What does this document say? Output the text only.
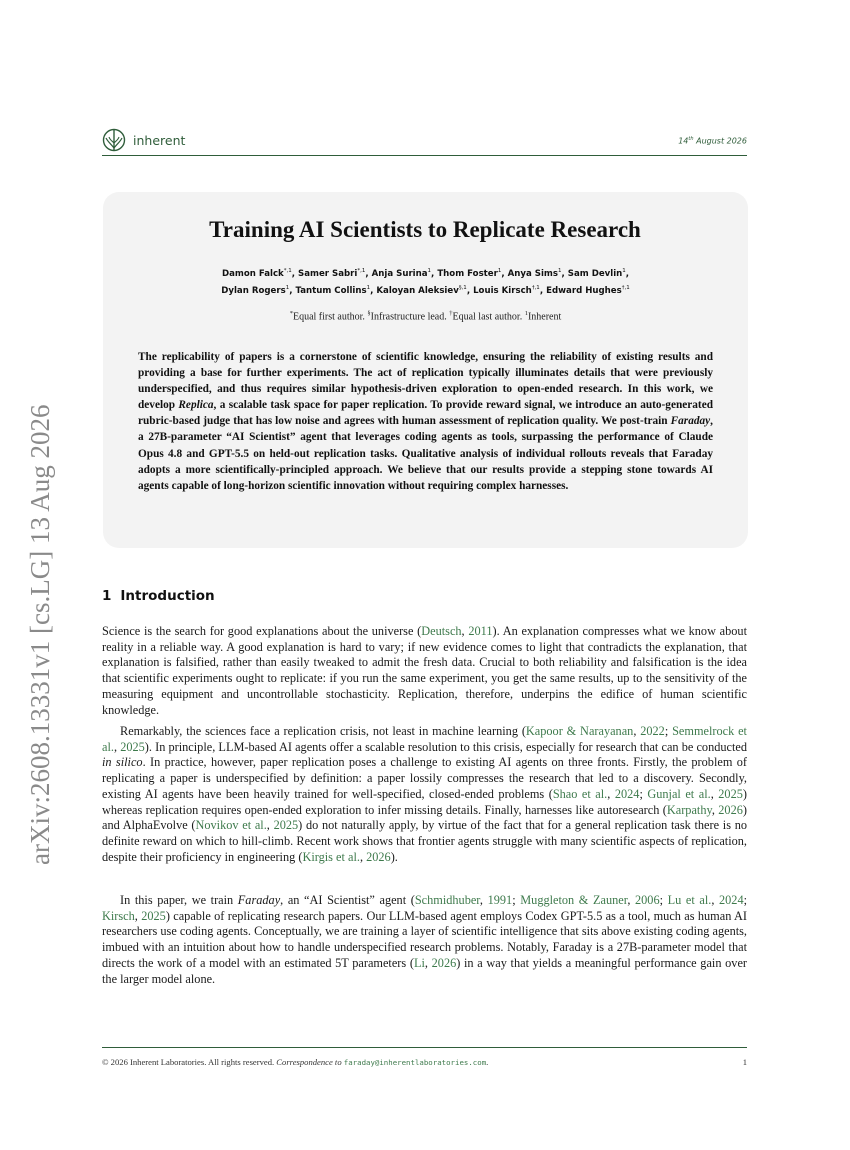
arXiv:2608.13331v1 [cs.LG] 13 Aug 2026
inherent	14th August 2026
Training AI Scientists to Replicate Research
Damon Falck$^{*,1}$, Samer Sabri$^{*,1}$, Anja Surina$^1$, Thom Foster$^1$, Anya Sims$^1$, Sam Devlin$^1$,
Dylan Rogers$^1$, Tantum Collins$^1$, Kaloyan Aleksiev$^{\S,1}$, Louis Kirsch$^{\dagger,1}$, Edward Hughes$^{\dagger,1}$
*Equal first author. §Infrastructure lead. †Equal last author. $^1$Inherent
The replicability of papers is a cornerstone of scientific knowledge, ensuring the reliability of existing results and providing a base for further experiments. The act of replication typically illuminates details that were previously underspecified, and thus requires similar hypothesis-driven exploration to open-ended research. In this work, we develop Replica, a scalable task space for paper replication. To provide reward signal, we introduce an auto-generated rubric-based judge that has low noise and agrees with human assessment of replication quality. We post-train Faraday, a 27B-parameter “AI Scientist” agent that leverages coding agents as tools, surpassing the performance of Claude Opus 4.8 and GPT-5.5 on held-out replication tasks. Qualitative analysis of individual rollouts reveals that Faraday adopts a more scientifically-principled approach. We believe that our results provide a stepping stone towards AI agents capable of long-horizon scientific innovation without requiring complex harnesses.
1 Introduction
Science is the search for good explanations about the universe (Deutsch, 2011). An explanation compresses what we know about reality in a reliable way. A good explanation is hard to vary; if new evidence comes to light that contradicts the explanation, that explanation is falsified, rather than easily tweaked to admit the fresh data. Crucial to both reliability and falsification is the idea that scientific experiments ought to replicate: if you run the same experiment, you get the same results, up to the sensitivity of the measuring equipment and uncontrollable stochasticity. Replication, therefore, underpins the edifice of human scientific knowledge.
Remarkably, the sciences face a replication crisis, not least in machine learning (Kapoor & Narayanan, 2022; Semmelrock et al., 2025). In principle, LLM-based AI agents offer a scalable resolution to this crisis, especially for research that can be conducted in silico. In practice, however, paper replication poses a challenge to existing AI agents on three fronts. Firstly, the problem of replicating a paper is underspecified by definition: a paper lossily compresses the research that led to a discovery. Secondly, existing AI agents have been heavily trained for well-specified, closed-ended problems (Shao et al., 2024; Gunjal et al., 2025) whereas replication requires open-ended exploration to infer missing details. Finally, harnesses like autoresearch (Karpathy, 2026) and AlphaEvolve (Novikov et al., 2025) do not naturally apply, by virtue of the fact that for a general replication task there is no definite reward on which to hill-climb. Recent work shows that frontier agents struggle with many scientific aspects of replication, despite their proficiency in engineering (Kirgis et al., 2026).
In this paper, we train Faraday, an “AI Scientist” agent (Schmidhuber, 1991; Muggleton & Zauner, 2006; Lu et al., 2024; Kirsch, 2025) capable of replicating research papers. Our LLM-based agent employs Codex GPT-5.5 as a tool, much as human AI researchers use coding agents. Conceptually, we are training a layer of scientific intelligence that sits above existing coding agents, imbued with an intuition about how to handle underspecified research problems. Notably, Faraday is a 27B-parameter model that directs the work of a model with an estimated 5T parameters (Li, 2026) in a way that yields a meaningful performance gain over the larger model alone.
© 2026 Inherent Laboratories. All rights reserved. Correspondence to faraday@inherentlaboratories.com.	1
